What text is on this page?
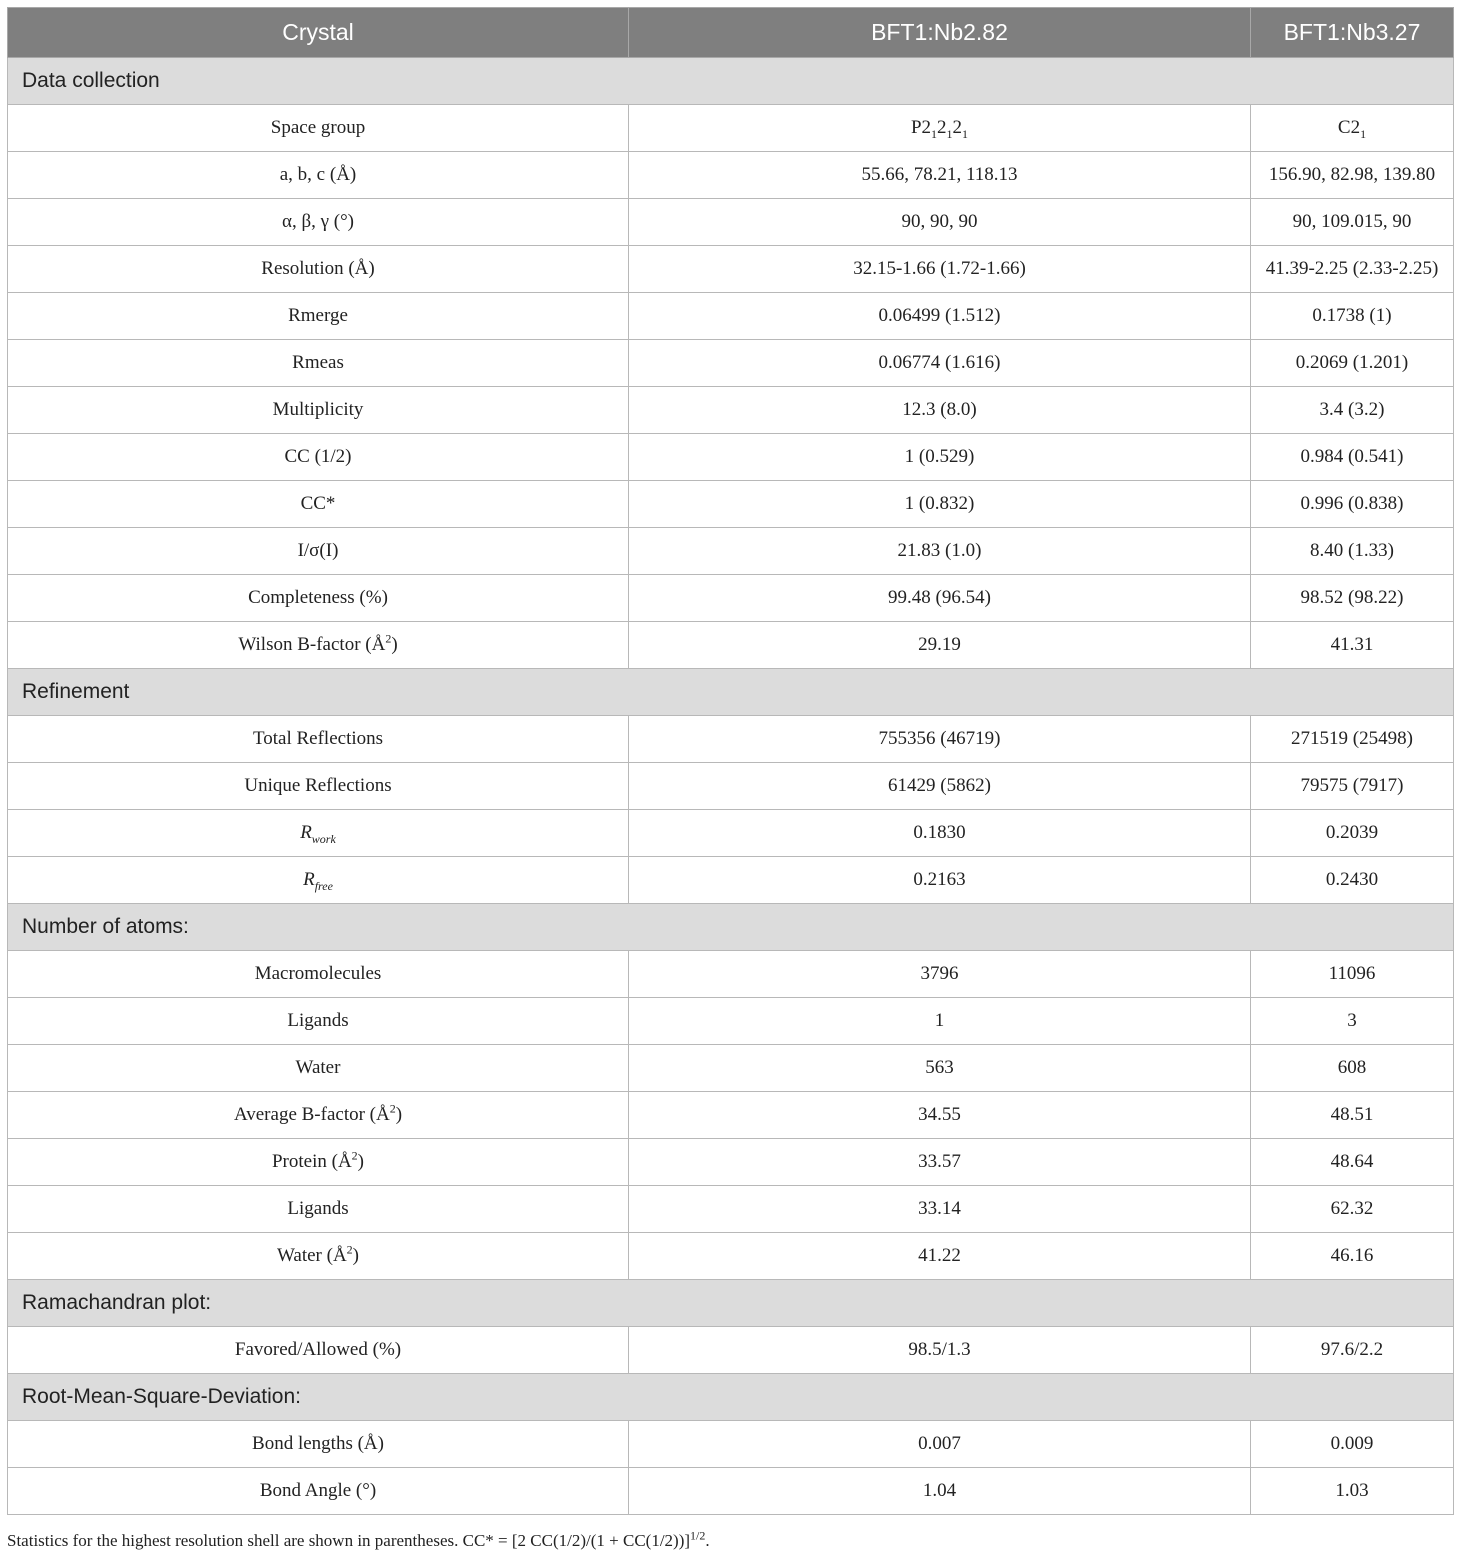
Crystal	BFT1:Nb2.82	BFT1:Nb3.27
Data collection		
Space group	$P2_12_12_1$	$C2_1$
a, b, c (Å)	55.66, 78.21, 118.13	156.90, 82.98, 139.80
α, β, γ (°)	90, 90, 90	90, 109.015, 90
Resolution (Å)	32.15-1.66 (1.72-1.66)	41.39-2.25 (2.33-2.25)
Rmerge	0.06499 (1.512)	0.1738 (1)
Rmeas	0.06774 (1.616)	0.2069 (1.201)
Multiplicity	12.3 (8.0)	3.4 (3.2)
CC (1/2)	1 (0.529)	0.984 (0.541)
CC*	1 (0.832)	0.996 (0.838)
I/σ(I)	21.83 (1.0)	8.40 (1.33)
Completeness (%)	99.48 (96.54)	98.52 (98.22)
Wilson B-factor $(Å^2)$	29.19	41.31
Refinement		
Total Reflections	755356 (46719)	271519 (25498)
Unique Reflections	61429 (5862)	79575 (7917)
$R_{work}$	0.1830	0.2039
$R_{free}$	0.2163	0.2430
Number of atoms:		
Macromolecules	3796	11096
Ligands	1	3
Water	563	608
Average B-factor $(Å^2)$	34.55	48.51
Protein $(Å^2)$	33.57	48.64
Ligands	33.14	62.32
Water $(Å^2)$	41.22	46.16
Ramachandran plot:		
Favored/Allowed (%)	98.5/1.3	97.6/2.2
Root-Mean-Square-Deviation:		
Bond lengths (Å)	0.007	0.009
Bond Angle (°)	1.04	1.03
Statistics for the highest resolution shell are shown in parentheses. CC* = [2 CC(1/2)/(1 + CC(1/2))]$^{1/2}$.
